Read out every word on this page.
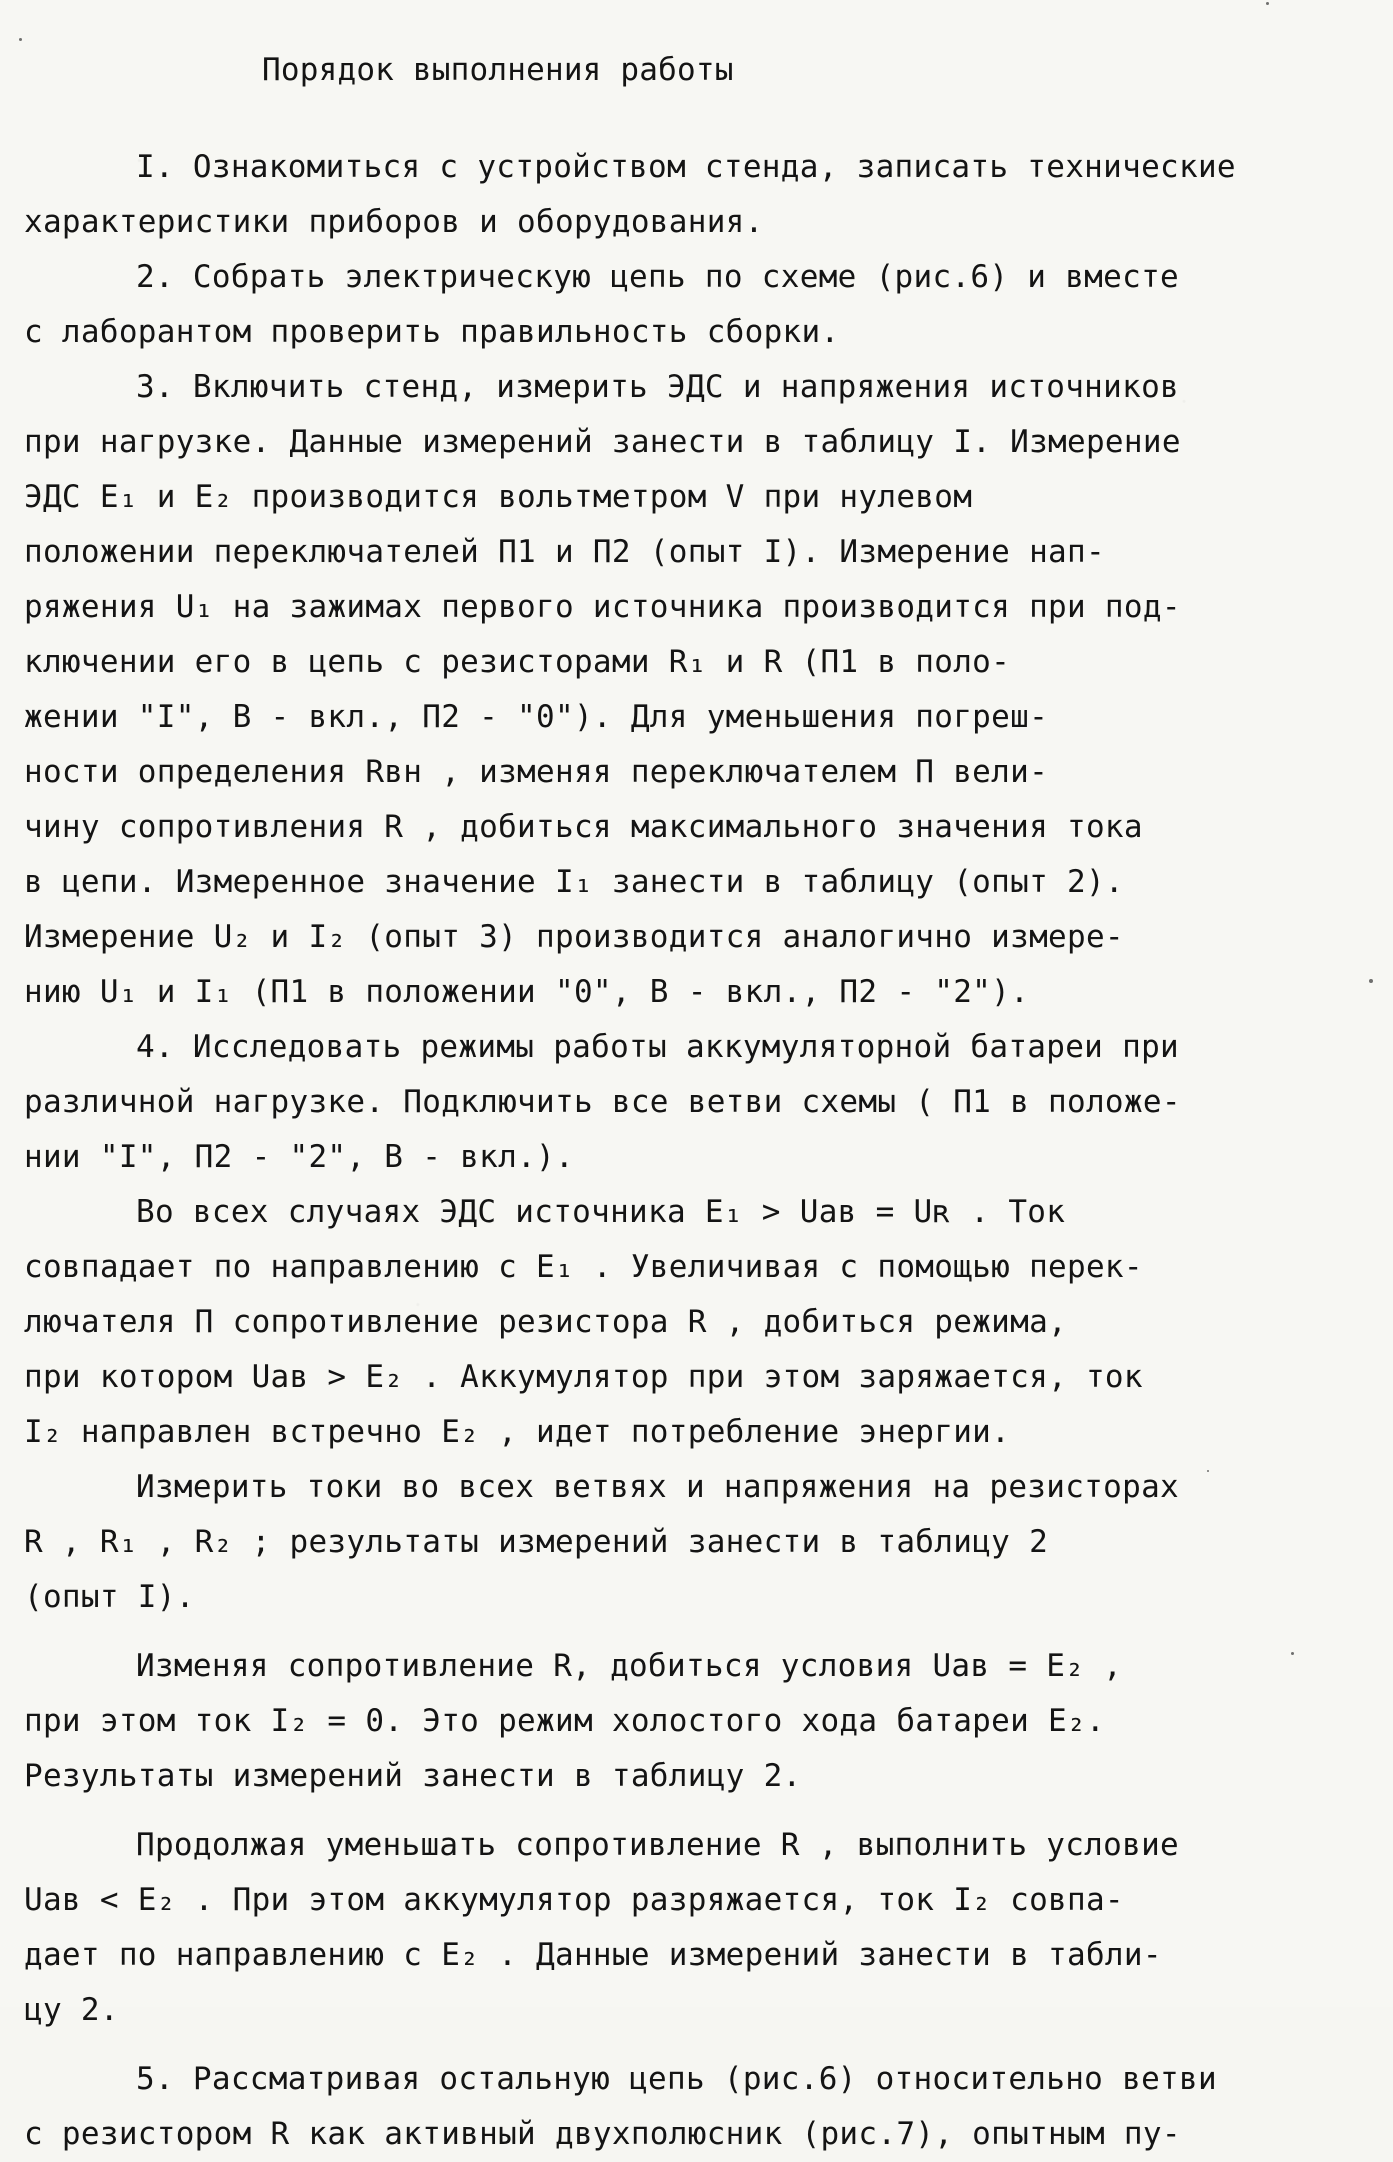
Порядок выполнения работы
I. Ознакомиться с устройством стенда, записать технические
характеристики приборов и оборудования.
2. Собрать электрическую цепь по схеме (рис.6) и вместе
с лаборантом проверить правильность сборки.
3. Включить стенд, измерить ЭДС и напряжения источников
при нагрузке. Данные измерений занести в таблицу I. Измерение
ЭДС E₁ и E₂ производится вольтметром V при нулевом
положении переключателей П1 и П2 (опыт I). Измерение нап-
ряжения U₁ на зажимах первого источника производится при под-
ключении его в цепь с резисторами R₁ и R (П1 в поло-
жении "I", B - вкл., П2 - "0"). Для уменьшения погреш-
ности определения Rвн , изменяя переключателем П вели-
чину сопротивления R , добиться максимального значения тока
в цепи. Измеренное значение I₁ занести в таблицу (опыт 2).
Измерение U₂ и I₂ (опыт 3) производится аналогично измере-
нию U₁ и I₁ (П1 в положении "0", B - вкл., П2 - "2").
4. Исследовать режимы работы аккумуляторной батареи при
различной нагрузке. Подключить все ветви схемы ( П1 в положе-
нии "I", П2 - "2", B - вкл.).
Во всех случаях ЭДС источника E₁ > Uав = Uʀ . Ток
совпадает по направлению с E₁ . Увеличивая с помощью перек-
лючателя П сопротивление резистора R , добиться режима,
при котором Uав > E₂ . Аккумулятор при этом заряжается, ток
I₂ направлен встречно E₂ , идет потребление энергии.
Измерить токи во всех ветвях и напряжения на резисторах
R , R₁ , R₂ ; результаты измерений занести в таблицу 2
(опыт I).
Изменяя сопротивление R, добиться условия Uав = E₂ ,
при этом ток I₂ = 0. Это режим холостого хода батареи E₂.
Результаты измерений занести в таблицу 2.
Продолжая уменьшать сопротивление R , выполнить условие
Uав < E₂ . При этом аккумулятор разряжается, ток I₂ совпа-
дает по направлению с E₂ . Данные измерений занести в табли-
цу 2.
5. Рассматривая остальную цепь (рис.6) относительно ветви
с резистором R как активный двухполюсник (рис.7), опытным пу-
